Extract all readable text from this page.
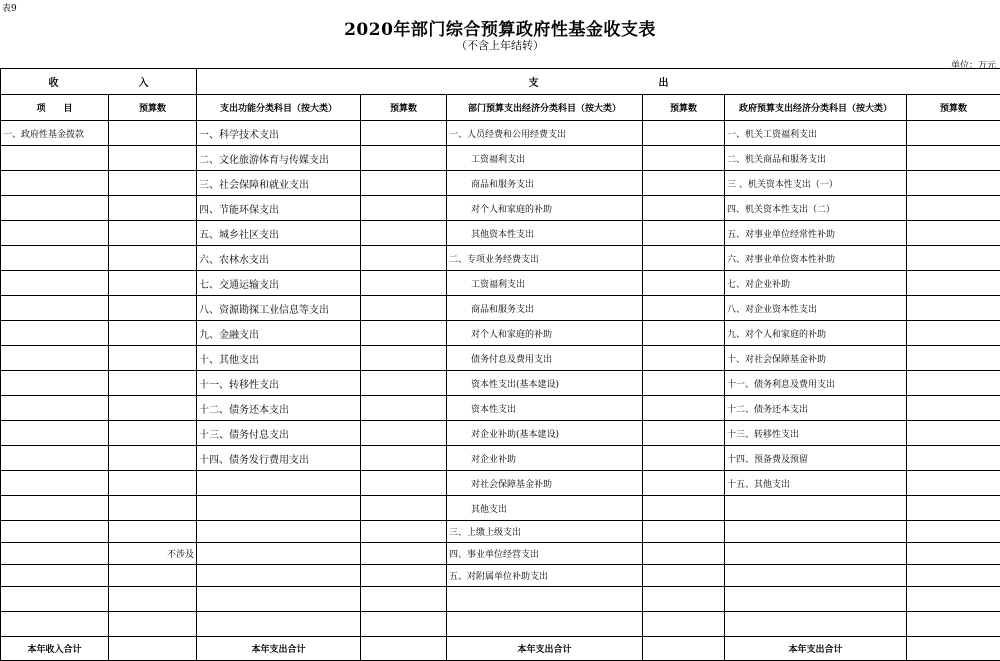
表9
2020年部门综合预算政府性基金收支表
（不含上年结转）
单位：万元
收　　　　　　　　入		支　　　　　　　　　　　　出					
项　　目	预算数	支出功能分类科目（按大类）	预算数	部门预算支出经济分类科目（按大类）	预算数	政府预算支出经济分类科目（按大类）	预算数
一、政府性基金拨款		一、科学技术支出		一、人员经费和公用经费支出		一、机关工资福利支出	
		二、文化旅游体育与传媒支出		工资福利支出		二、机关商品和服务支出	
		三、社会保障和就业支出		商品和服务支出		三 、机关资本性支出（一）	
		四、节能环保支出		对个人和家庭的补助		四、机关资本性支出（二）	
		五、城乡社区支出		其他资本性支出		五、对事业单位经常性补助	
		六、农林水支出		二、专项业务经费支出		六、对事业单位资本性补助	
		七、交通运输支出		工资福利支出		七、对企业补助	
		八、资源勘探工业信息等支出		商品和服务支出		八、对企业资本性支出	
		九、金融支出		对个人和家庭的补助		九、对个人和家庭的补助	
		十、其他支出		债务付息及费用支出		十、对社会保障基金补助	
		十一、转移性支出		资本性支出(基本建设)		十一、债务利息及费用支出	
		十二、债务还本支出		资本性支出		十二、债务还本支出	
		十三、债务付息支出		对企业补助(基本建设)		十三、转移性支出	
		十四、债务发行费用支出		对企业补助		十四、预备费及预留	
				对社会保障基金补助		十五、其他支出	
				其他支出			
				三、上缴上级支出			
	不涉及			四、事业单位经营支出			
				五、对附属单位补助支出			

本年收入合计		本年支出合计		本年支出合计		本年支出合计	
